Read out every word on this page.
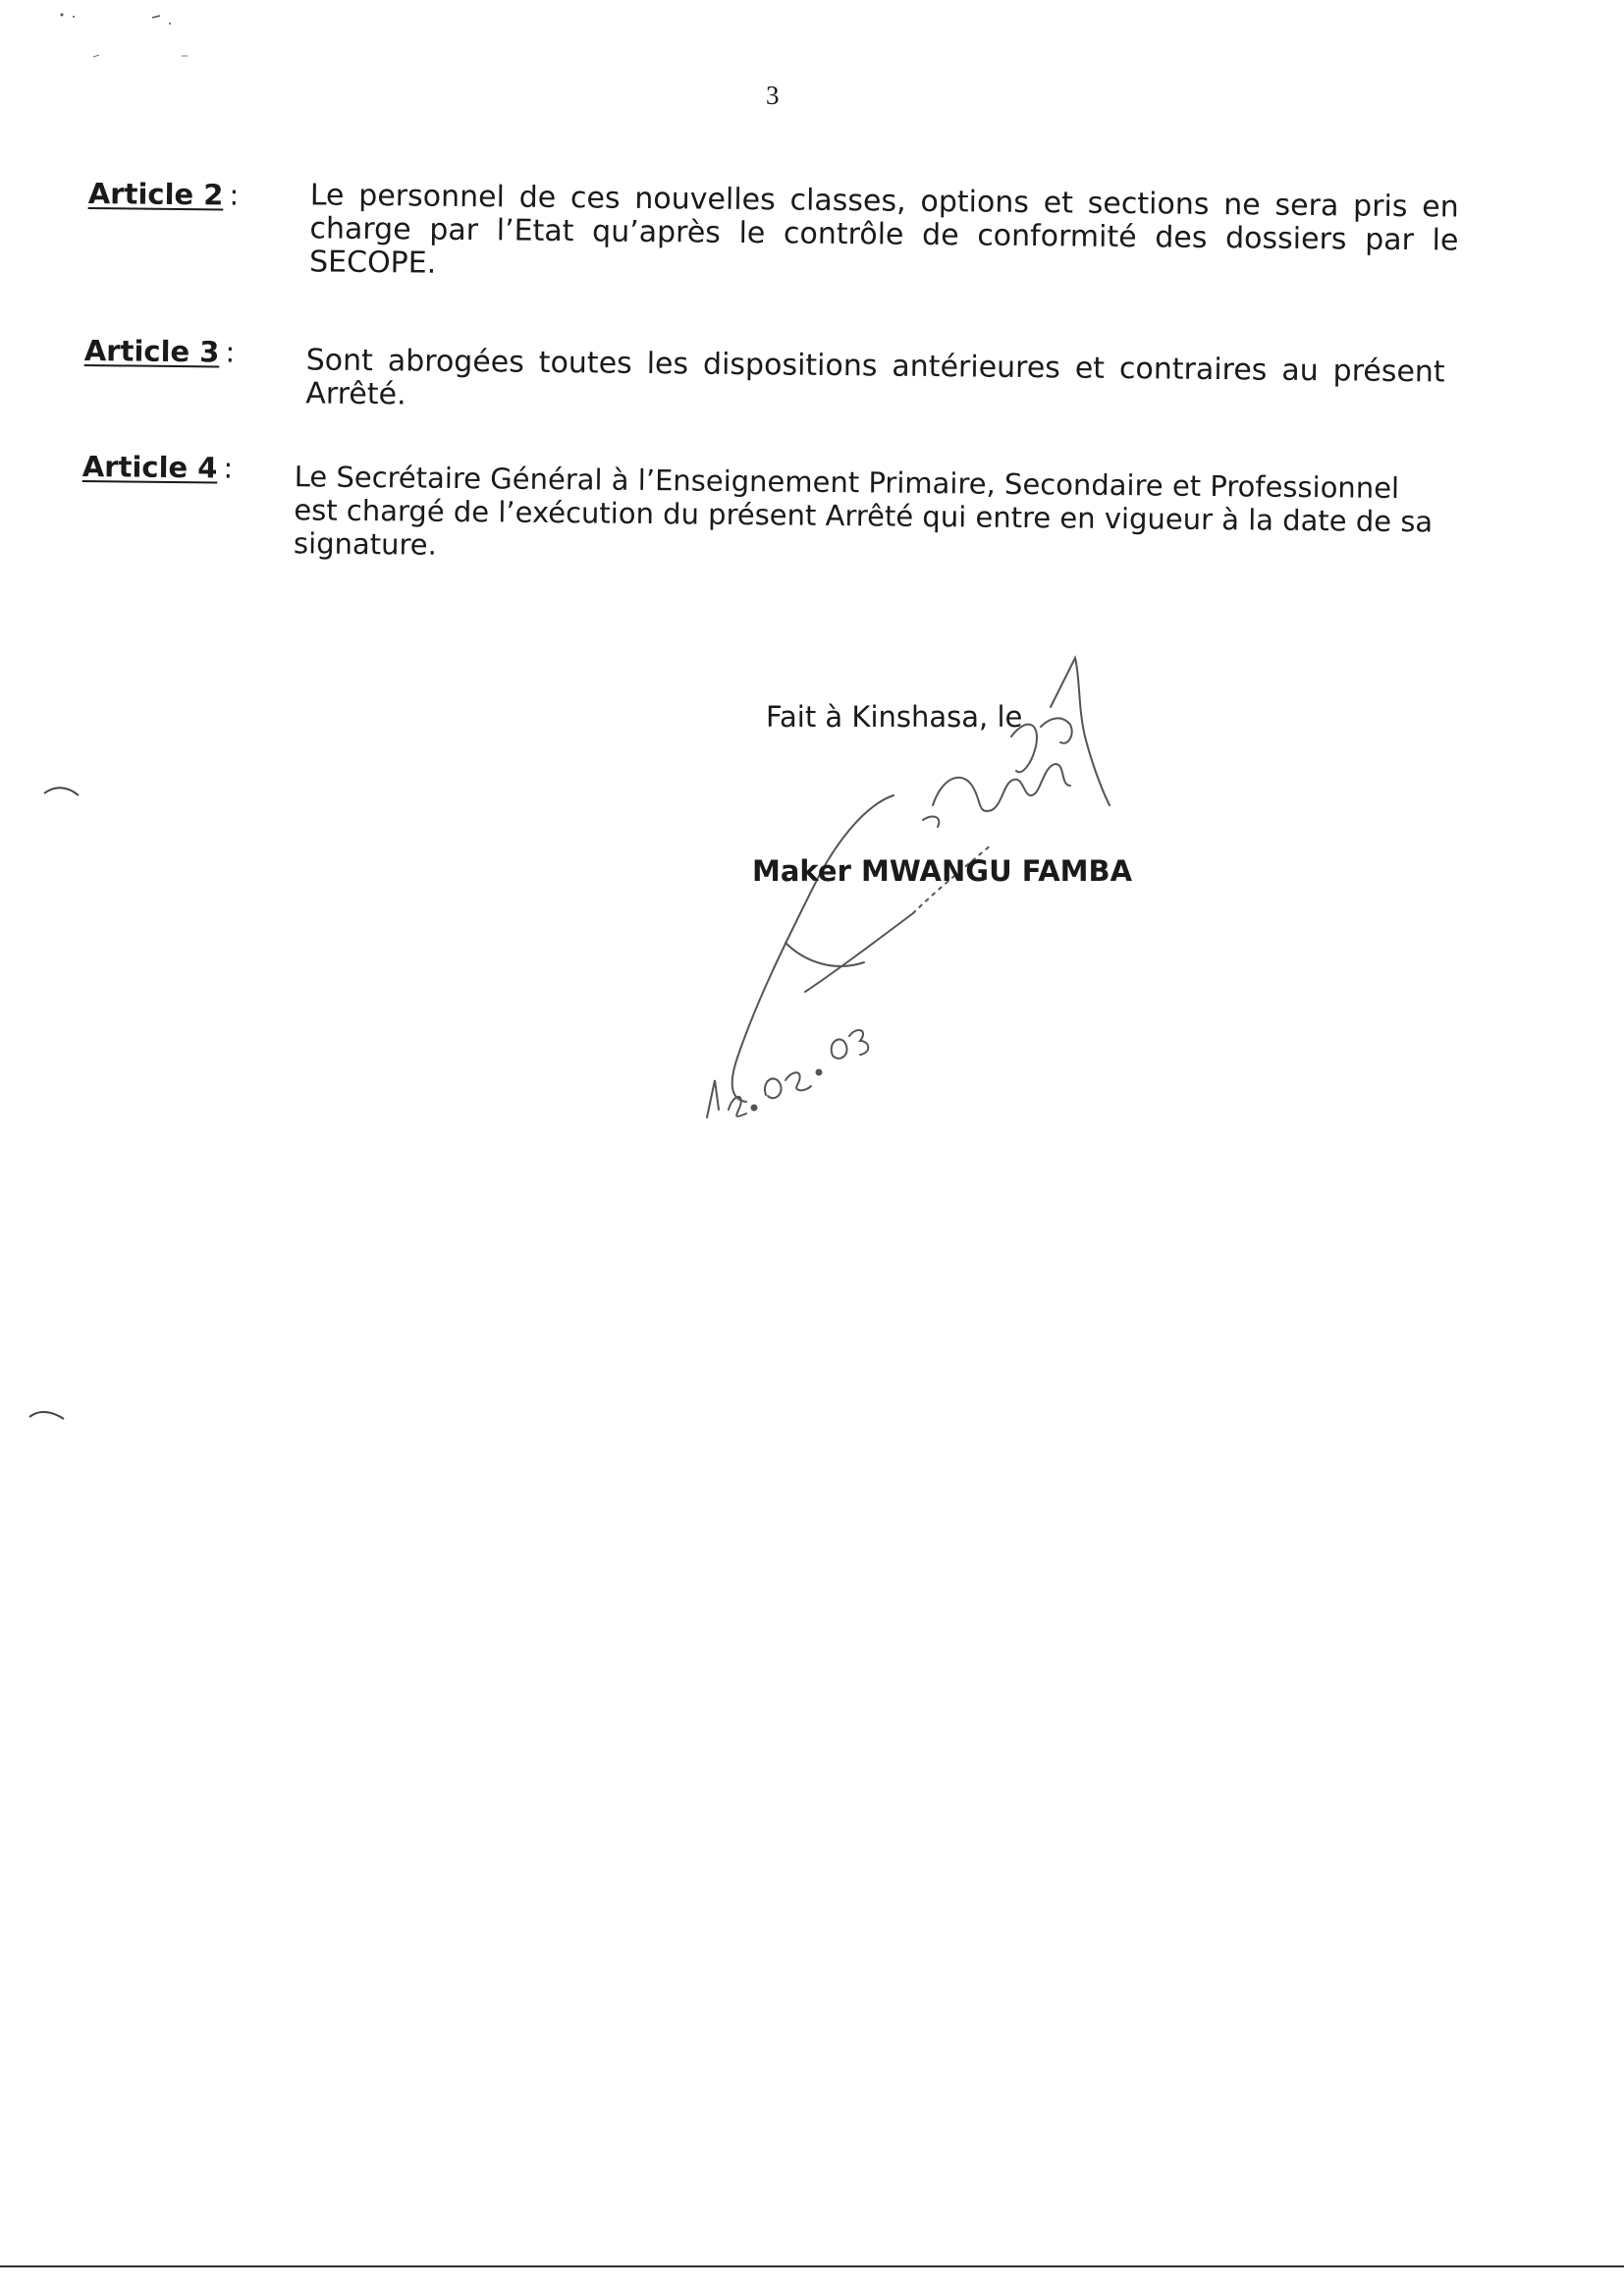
3
Article 2 : Le personnel de ces nouvelles classes, options et sections ne sera pris en charge par l’Etat qu’après le contrôle de conformité des dossiers par le SECOPE.
Article 3 : Sont abrogées toutes les dispositions antérieures et contraires au présent Arrêté.
Article 4 : Le Secrétaire Général à l’Enseignement Primaire, Secondaire et Professionnel est chargé de l’exécution du présent Arrêté qui entre en vigueur à la date de sa signature.
Fait à Kinshasa, le
Maker MWANGU FAMBA
